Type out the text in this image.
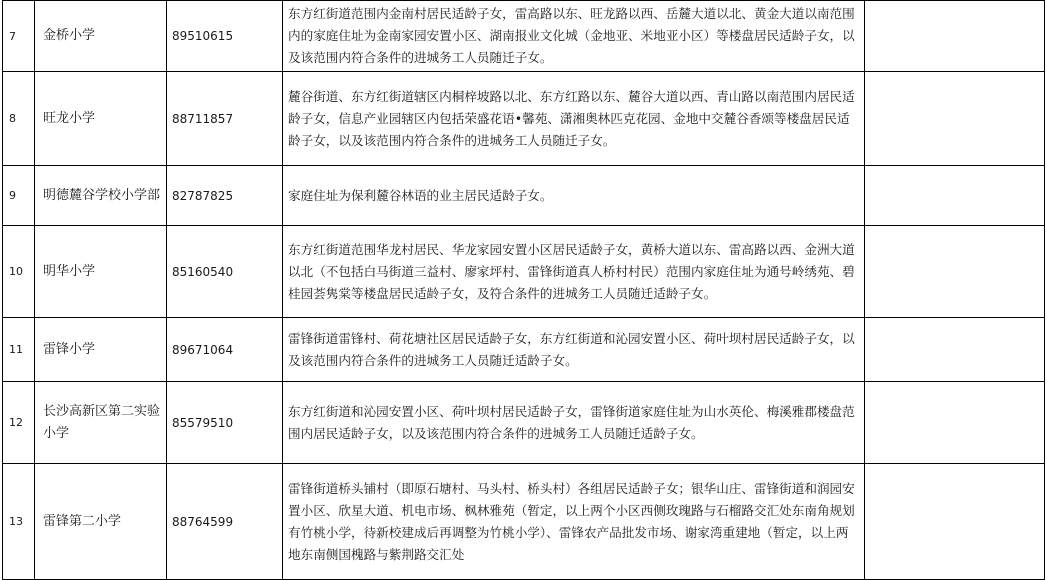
7	金桥小学	89510615	东方红街道范围内金南村居民适龄子女，雷高路以东、旺龙路以西、岳麓大道以北、黄金大道以南范围内的家庭住址为金南家园安置小区、湖南报业文化城（金地亚、米地亚小区）等楼盘居民适龄子女，以及该范围内符合条件的进城务工人员随迁子女。	
8	旺龙小学	88711857	麓谷街道、东方红街道辖区内桐梓坡路以北、东方红路以东、麓谷大道以西、青山路以南范围内居民适龄子女，信息产业园辖区内包括荣盛花语•馨苑、潇湘奥林匹克花园、金地中交麓谷香颂等楼盘居民适龄子女，以及该范围内符合条件的进城务工人员随迁子女。	
9	明德麓谷学校小学部	82787825	家庭住址为保利麓谷林语的业主居民适龄子女。	
10	明华小学	85160540	东方红街道范围华龙村居民、华龙家园安置小区居民适龄子女，黄桥大道以东、雷高路以西、金洲大道以北（不包括白马街道三益村、廖家坪村、雷锋街道真人桥村村民）范围内家庭住址为通号岭绣苑、碧桂园荟隽棠等楼盘居民适龄子女，及符合条件的进城务工人员随迁适龄子女。	
11	雷锋小学	89671064	雷锋街道雷锋村、荷花塘社区居民适龄子女，东方红街道和沁园安置小区、荷叶坝村居民适龄子女，以及该范围内符合条件的进城务工人员随迁适龄子女。	
12	长沙高新区第二实验小学	85579510	东方红街道和沁园安置小区、荷叶坝村居民适龄子女，雷锋街道家庭住址为山水英伦、梅溪雅郡楼盘范围内居民适龄子女，以及该范围内符合条件的进城务工人员随迁适龄子女。	
13	雷锋第二小学	88764599	雷锋街道桥头铺村（即原石塘村、马头村、桥头村）各组居民适龄子女；银华山庄、雷锋街道和润园安置小区、欣星大道、机电市场、枫林雅苑（暂定，以上两个小区西侧玫瑰路与石榴路交汇处东南角规划有竹桃小学，待新校建成后再调整为竹桃小学）、雷锋农产品批发市场、谢家湾重建地（暂定，以上两地东南侧国槐路与紫荆路交汇处	
